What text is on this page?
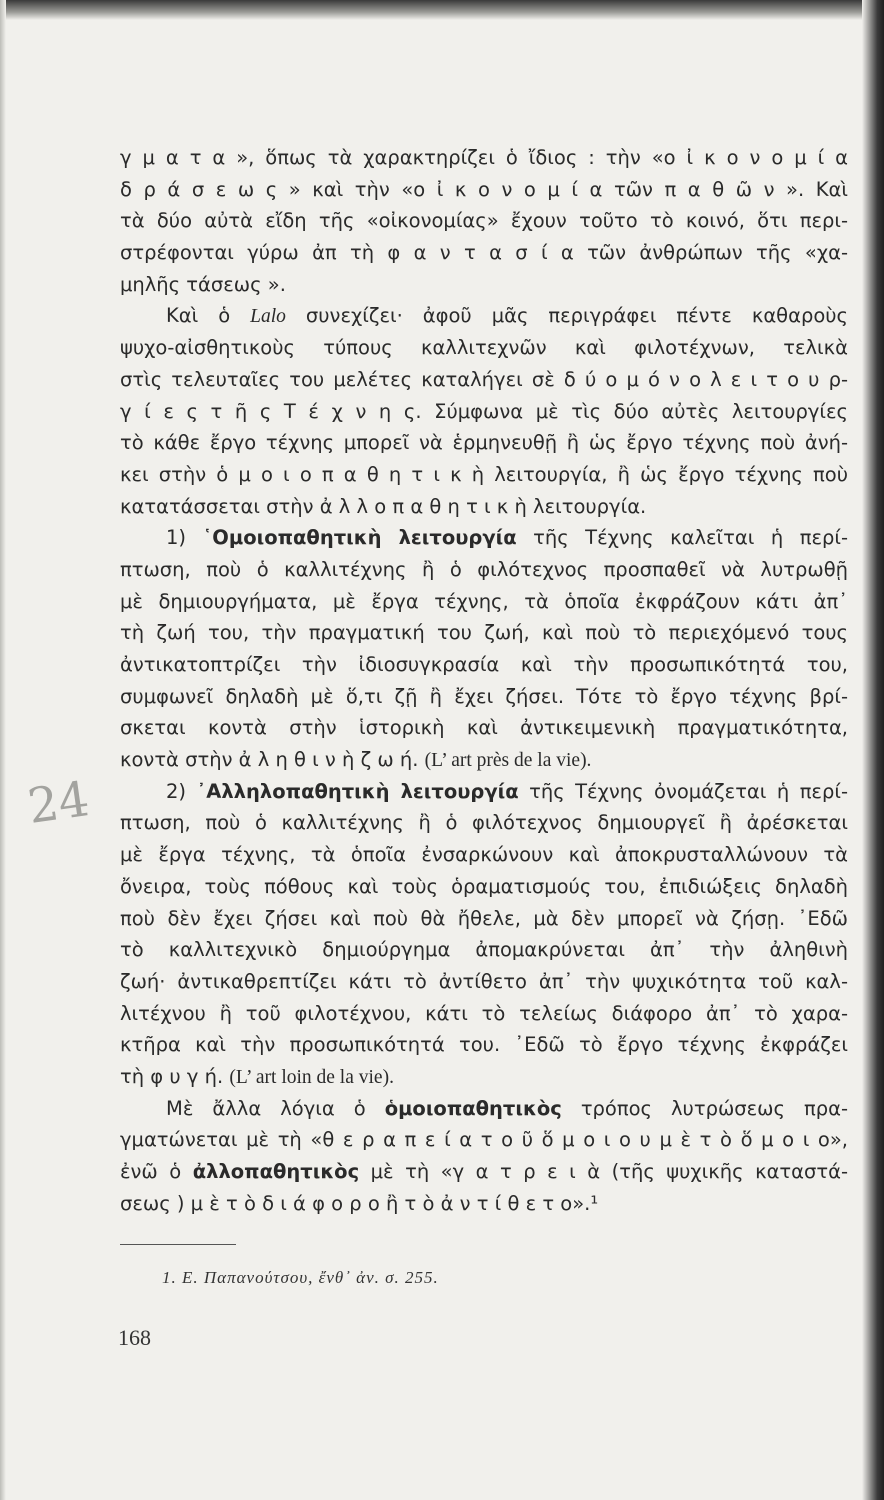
24
γ μ α τ α », ὅπως τὰ χαρακτηρίζει ὁ ἴδιος : τὴν «ο ἰ κ ο ν ο μ ί α
δ ρ ά σ ε ω ς » καὶ τὴν «ο ἰ κ ο ν ο μ ί α τῶν π α θ ῶ ν ». Καὶ
τὰ δύο αὐτὰ εἴδη τῆς «οἰκονομίας» ἔχουν τοῦτο τὸ κοινό, ὅτι περι-
στρέφονται γύρω ἀπ τὴ φ α ν τ α σ ί α τῶν ἀνθρώπων τῆς «χα-
μηλῆς τάσεως ».
Καὶ ὁ Lalo συνεχίζει· ἀφοῦ μᾶς περιγράφει πέντε καθαροὺς
ψυχο-αἰσθητικοὺς τύπους καλλιτεχνῶν καὶ φιλοτέχνων, τελικὰ
στὶς τελευταῖες του μελέτες καταλήγει σὲ δ ύ ο μ ό ν ο λ ε ι τ ο υ ρ-
γ ί ε ς τ ῆ ς Τ έ χ ν η ς. Σύμφωνα μὲ τὶς δύο αὐτὲς λειτουργίες
τὸ κάθε ἔργο τέχνης μπορεῖ νὰ ἑρμηνευθῇ ἢ ὡς ἔργο τέχνης ποὺ ἀνή-
κει στὴν ὁ μ ο ι ο π α θ η τ ι κ ὴ λειτουργία, ἢ ὡς ἔργο τέχνης ποὺ
κατατάσσεται στὴν ἀ λ λ ο π α θ η τ ι κ ὴ λειτουργία.
1) ῾Ομοιοπαθητικὴ λειτουργία τῆς Τέχνης καλεῖται ἡ περί-
πτωση, ποὺ ὁ καλλιτέχνης ἢ ὁ φιλότεχνος προσπαθεῖ νὰ λυτρωθῇ
μὲ δημιουργήματα, μὲ ἔργα τέχνης, τὰ ὁποῖα ἐκφράζουν κάτι ἀπ᾽
τὴ ζωή του, τὴν πραγματική του ζωή, καὶ ποὺ τὸ περιεχόμενό τους
ἀντικατοπτρίζει τὴν ἰδιοσυγκρασία καὶ τὴν προσωπικότητά του,
συμφωνεῖ δηλαδὴ μὲ ὅ,τι ζῇ ἢ ἔχει ζήσει. Τότε τὸ ἔργο τέχνης βρί-
σκεται κοντὰ στὴν ἱστορικὴ καὶ ἀντικειμενικὴ πραγματικότητα,
κοντὰ στὴν ἀ λ η θ ι ν ὴ ζ ω ή. (L’ art près de la vie).
2) ᾽Αλληλοπαθητικὴ λειτουργία τῆς Τέχνης ὀνομάζεται ἡ περί-
πτωση, ποὺ ὁ καλλιτέχνης ἢ ὁ φιλότεχνος δημιουργεῖ ἢ ἀρέσκεται
μὲ ἔργα τέχνης, τὰ ὁποῖα ἐνσαρκώνουν καὶ ἀποκρυσταλλώνουν τὰ
ὄνειρα, τοὺς πόθους καὶ τοὺς ὁραματισμούς του, ἐπιδιώξεις δηλαδὴ
ποὺ δὲν ἔχει ζήσει καὶ ποὺ θὰ ἤθελε, μὰ δὲν μπορεῖ νὰ ζήσῃ. ᾽Εδῶ
τὸ καλλιτεχνικὸ δημιούργημα ἀπομακρύνεται ἀπ᾽ τὴν ἀληθινὴ
ζωή· ἀντικαθρεπτίζει κάτι τὸ ἀντίθετο ἀπ᾽ τὴν ψυχικότητα τοῦ καλ-
λιτέχνου ἢ τοῦ φιλοτέχνου, κάτι τὸ τελείως διάφορο ἀπ᾽ τὸ χαρα-
κτῆρα καὶ τὴν προσωπικότητά του. ᾽Εδῶ τὸ ἔργο τέχνης ἐκφράζει
τὴ φ υ γ ή. (L’ art loin de la vie).
Μὲ ἄλλα λόγια ὁ ὁμοιοπαθητικὸς τρόπος λυτρώσεως πρα-
γματώνεται μὲ τὴ «θ ε ρ α π ε ί α τ ο ῦ ὅ μ ο ι ο υ μ ὲ τ ὸ ὅ μ ο ι ο»,
ἐνῶ ὁ ἀλλοπαθητικὸς μὲ τὴ «γ α τ ρ ε ι ὰ (τῆς ψυχικῆς καταστά-
σεως ) μ ὲ τ ὸ δ ι ά φ ο ρ ο ἢ τ ὸ ἀ ν τ ί θ ε τ ο».¹
1. Ε. Παπανούτσου, ἔνθ᾽ ἀν. σ. 255.
168
